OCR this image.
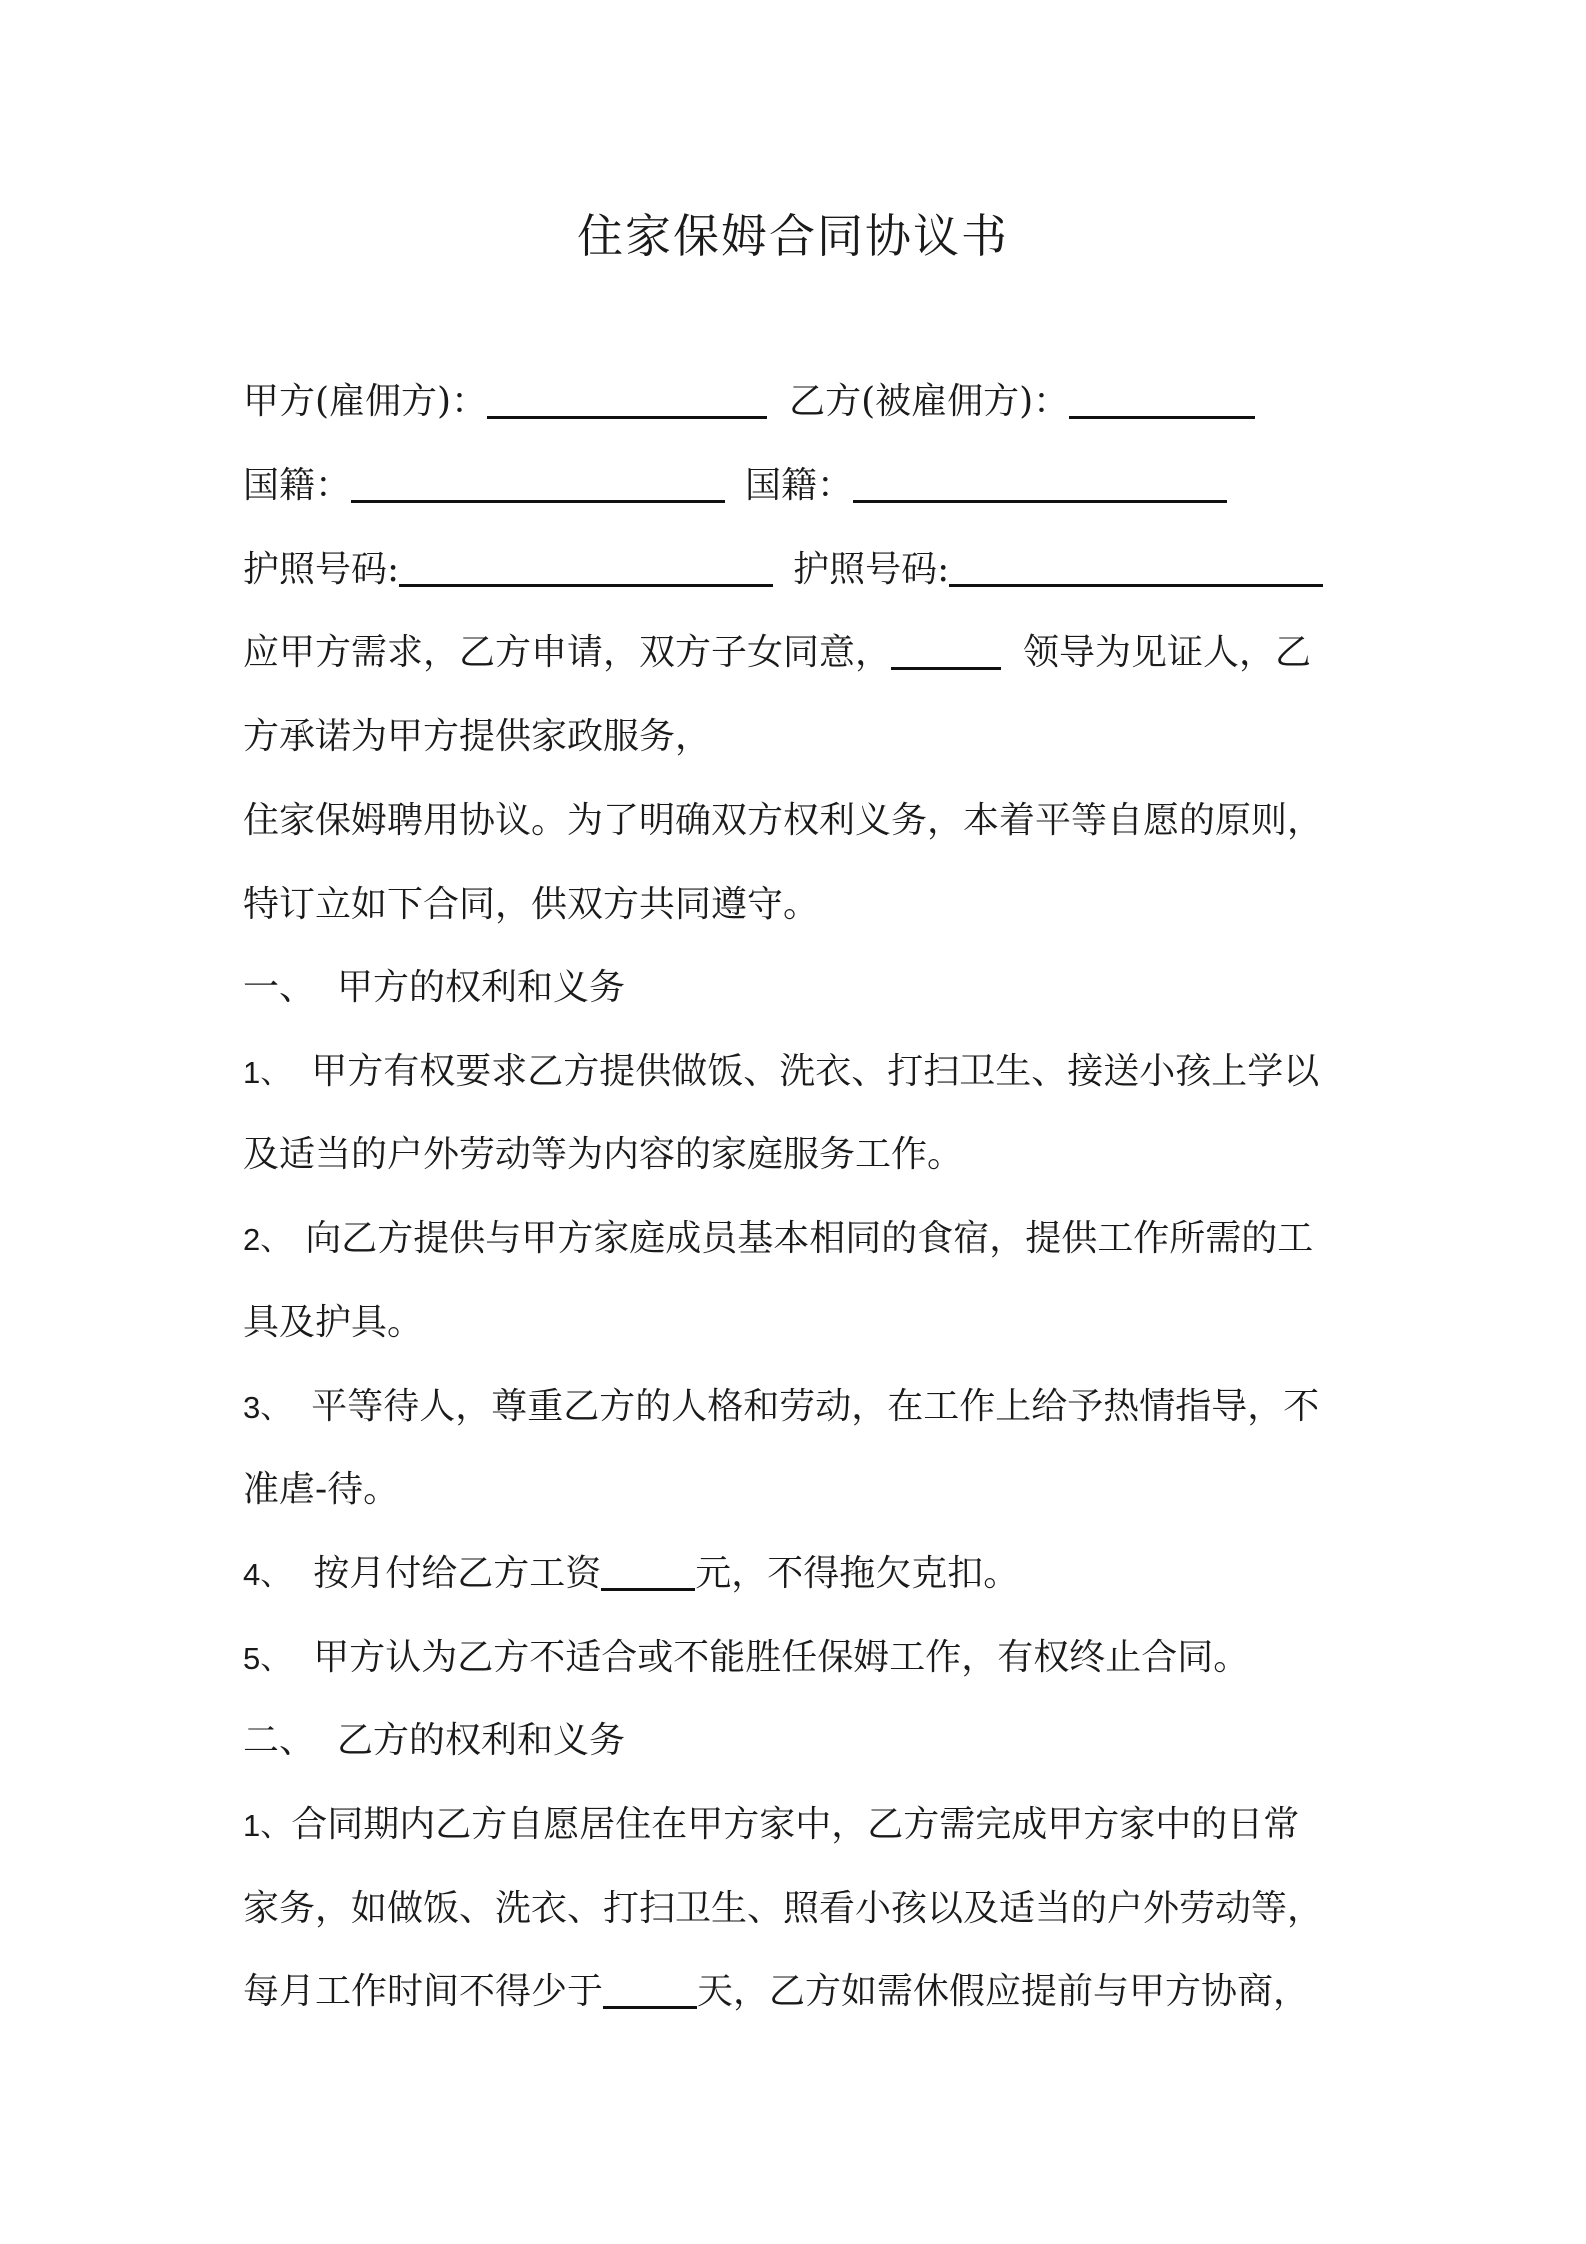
住家保姆合同协议书
甲方(雇佣方)：	乙方(被雇佣方)：
国籍：	国籍：
护照号码:	护照号码:
应甲方需求，乙方申请，双方子女同意，	领导为见证人，乙
方承诺为甲方提供家政服务，
住家保姆聘用协议。为了明确双方权利义务，本着平等自愿的原则，
特订立如下合同，供双方共同遵守。
一、 甲方的权利和义务
1、 甲方有权要求乙方提供做饭、洗衣、打扫卫生、接送小孩上学以
及适当的户外劳动等为内容的家庭服务工作。
2、 向乙方提供与甲方家庭成员基本相同的食宿，提供工作所需的工
具及护具。
3、 平等待人，尊重乙方的人格和劳动，在工作上给予热情指导，不
准虐-待。
4、 按月付给乙方工资	元，不得拖欠克扣。
5、 甲方认为乙方不适合或不能胜任保姆工作，有权终止合同。
二、 乙方的权利和义务
1、合同期内乙方自愿居住在甲方家中，乙方需完成甲方家中的日常
家务，如做饭、洗衣、打扫卫生、照看小孩以及适当的户外劳动等，
每月工作时间不得少于	天，乙方如需休假应提前与甲方协商，
